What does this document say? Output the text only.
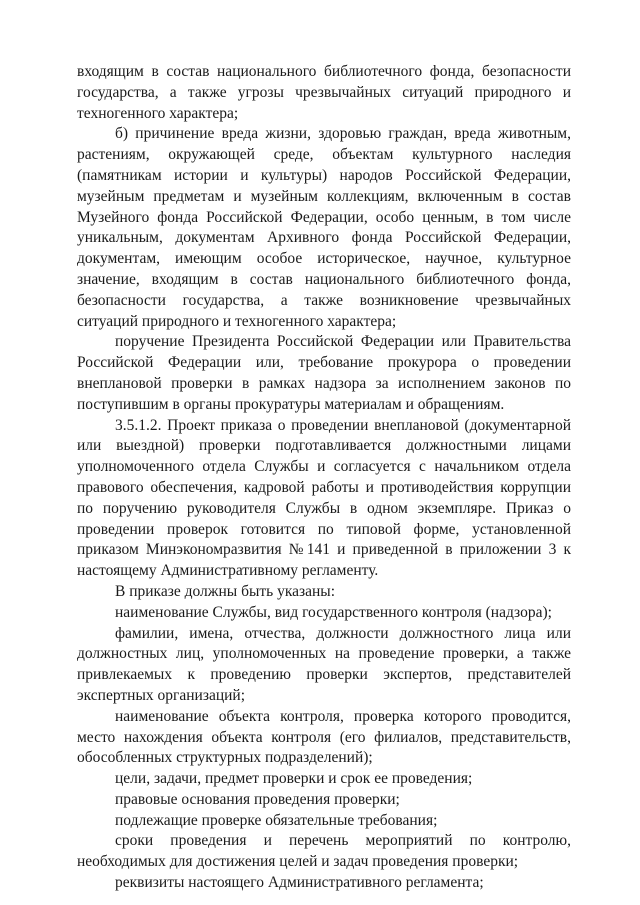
входящим в состав национального библиотечного фонда, безопасности государства, а также угрозы чрезвычайных ситуаций природного и техногенного характера;

б) причинение вреда жизни, здоровью граждан, вреда животным, растениям, окружающей среде, объектам культурного наследия (памятникам истории и культуры) народов Российской Федерации, музейным предметам и музейным коллекциям, включенным в состав Музейного фонда Российской Федерации, особо ценным, в том числе уникальным, документам Архивного фонда Российской Федерации, документам, имеющим особое историческое, научное, культурное значение, входящим в состав национального библиотечного фонда, безопасности государства, а также возникновение чрезвычайных ситуаций природного и техногенного характера;

поручение Президента Российской Федерации или Правительства Российской Федерации или, требование прокурора о проведении внеплановой проверки в рамках надзора за исполнением законов по поступившим в органы прокуратуры материалам и обращениям.

3.5.1.2. Проект приказа о проведении внеплановой (документарной или выездной) проверки подготавливается должностными лицами уполномоченного отдела Службы и согласуется с начальником отдела правового обеспечения, кадровой работы и противодействия коррупции по поручению руководителя Службы в одном экземпляре. Приказ о проведении проверок готовится по типовой форме, установленной приказом Минэкономразвития №141 и приведенной в приложении 3 к настоящему Административному регламенту.

В приказе должны быть указаны:

наименование Службы, вид государственного контроля (надзора);

фамилии, имена, отчества, должности должностного лица или должностных лиц, уполномоченных на проведение проверки, а также привлекаемых к проведению проверки экспертов, представителей экспертных организаций;

наименование объекта контроля, проверка которого проводится, место нахождения объекта контроля (его филиалов, представительств, обособленных структурных подразделений);

цели, задачи, предмет проверки и срок ее проведения;

правовые основания проведения проверки;

подлежащие проверке обязательные требования;

сроки проведения и перечень мероприятий по контролю, необходимых для достижения целей и задач проведения проверки;

реквизиты настоящего Административного регламента;
